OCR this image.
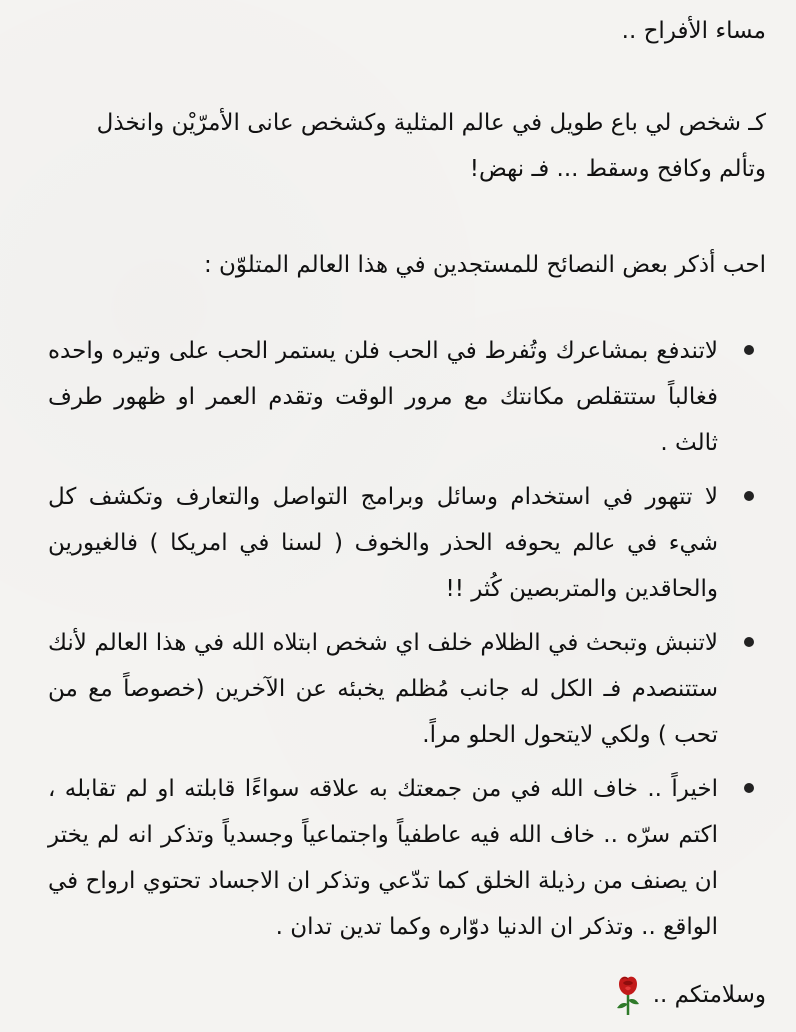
مساء الأفراح ..

كـ شخص لي باع طويل في عالم المثلية وكشخص عانى الأمرّيْن وانخذل وتألم وكافح وسقط ... فـ نهض!

احب أذكر بعض النصائح للمستجدين في هذا العالم المتلوّن :

لاتندفع بمشاعرك وتُفرط في الحب فلن يستمر الحب على وتيره واحده فغالباً ستتقلص مكانتك مع مرور الوقت وتقدم العمر او ظهور طرف ثالث .
لا تتهور في استخدام وسائل وبرامج التواصل والتعارف وتكشف كل شيء في عالم يحوفه الحذر والخوف ( لسنا في امريكا ) فالغيورين والحاقدين والمتربصين كُثر !!
لاتنبش وتبحث في الظلام خلف اي شخص ابتلاه الله في هذا العالم لأنك ستتنصدم فـ الكل له جانب مُظلم يخبئه عن الآخرين (خصوصاً مع من تحب ) ولكي لايتحول الحلو مراً.
اخيراً .. خاف الله في من جمعتك به علاقه سواءًا قابلته او لم تقابله ، اكتم سرّه .. خاف الله فيه عاطفياً واجتماعياً وجسدياً وتذكر انه لم يختر ان يصنف من رذيلة الخلق كما تدّعي وتذكر ان الاجساد تحتوي ارواح في الواقع .. وتذكر ان الدنيا دوّاره وكما تدين تدان .
وسلامتكم ..
